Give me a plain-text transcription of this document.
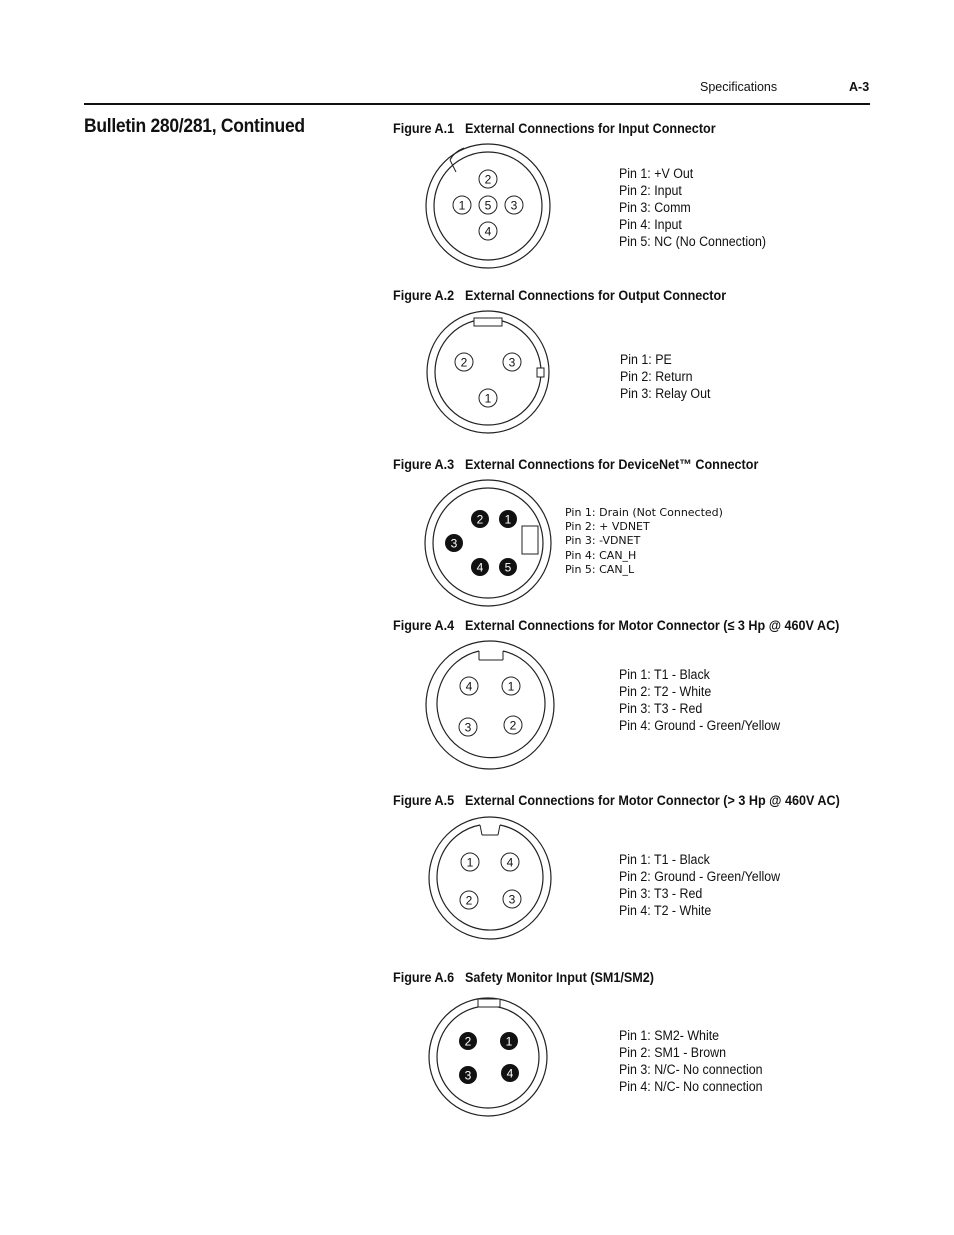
Specifications	A-3
Bulletin 280/281, Continued	Figure A.1 External Connections for Input Connector
2
1 5 3
4
Pin 1: +V Out
Pin 2: Input
Pin 3: Comm
Pin 4: Input
Pin 5: NC (No Connection)
Figure A.2 External Connections for Output Connector
2	3
1
Pin 1: PE
Pin 2: Return
Pin 3: Relay Out
Figure A.3 External Connections for DeviceNet™ Connector
2 1
3
4 5
Pin 1: Drain (Not Connected)
Pin 2: + VDNET
Pin 3: -VDNET
Pin 4: CAN_H
Pin 5: CAN_L
Figure A.4 External Connections for Motor Connector (≤ 3 Hp @ 460V AC)
4	1
3	2
Pin 1: T1 - Black
Pin 2: T2 - White
Pin 3: T3 - Red
Pin 4: Ground - Green/Yellow
Figure A.5 External Connections for Motor Connector (> 3 Hp @ 460V AC)
1	4
2	3
Pin 1: T1 - Black
Pin 2: Ground - Green/Yellow
Pin 3: T3 - Red
Pin 4: T2 - White
Figure A.6 Safety Monitor Input (SM1/SM2)
2	1
3	4
Pin 1: SM2- White
Pin 2: SM1 - Brown
Pin 3: N/C- No connection
Pin 4: N/C- No connection
